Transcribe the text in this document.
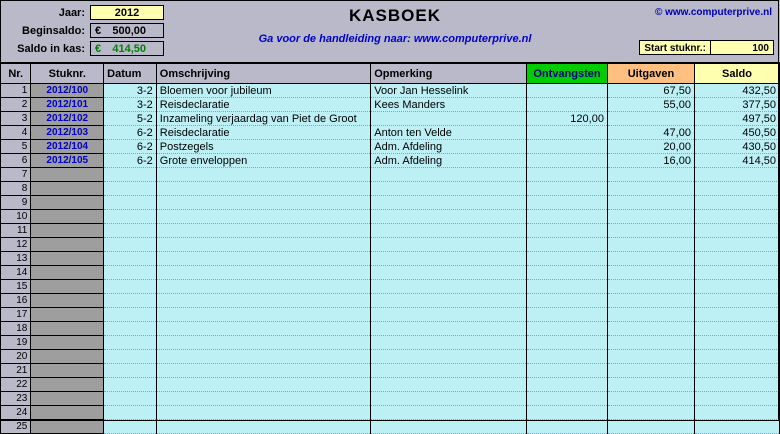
Jaar:	2012
Beginsaldo: €	500,00
Saldo in kas: €	414,50
KASBOEK
Ga voor de handleiding naar: www.computerprive.nl
© www.computerprive.nl
Start stuknr.:	100
Nr.	Stuknr.	Datum	Omschrijving	Opmerking	Ontvangsten	Uitgaven	Saldo
1	2012/100	3-2	Bloemen voor jubileum	Voor Jan Hesselink		67,50	432,50
2	2012/101	3-2	Reisdeclaratie	Kees Manders		55,00	377,50
3	2012/102	5-2	Inzameling verjaardag van Piet de Groot		120,00		497,50
4	2012/103	6-2	Reisdeclaratie	Anton ten Velde		47,00	450,50
5	2012/104	6-2	Postzegels	Adm. Afdeling		20,00	430,50
6	2012/105	6-2	Grote enveloppen	Adm. Afdeling		16,00	414,50
7							
8							
9							
10							
11							
12							
13							
14							
15							
16							
17							
18							
19							
20							
21							
22							
23							
24							
25							
